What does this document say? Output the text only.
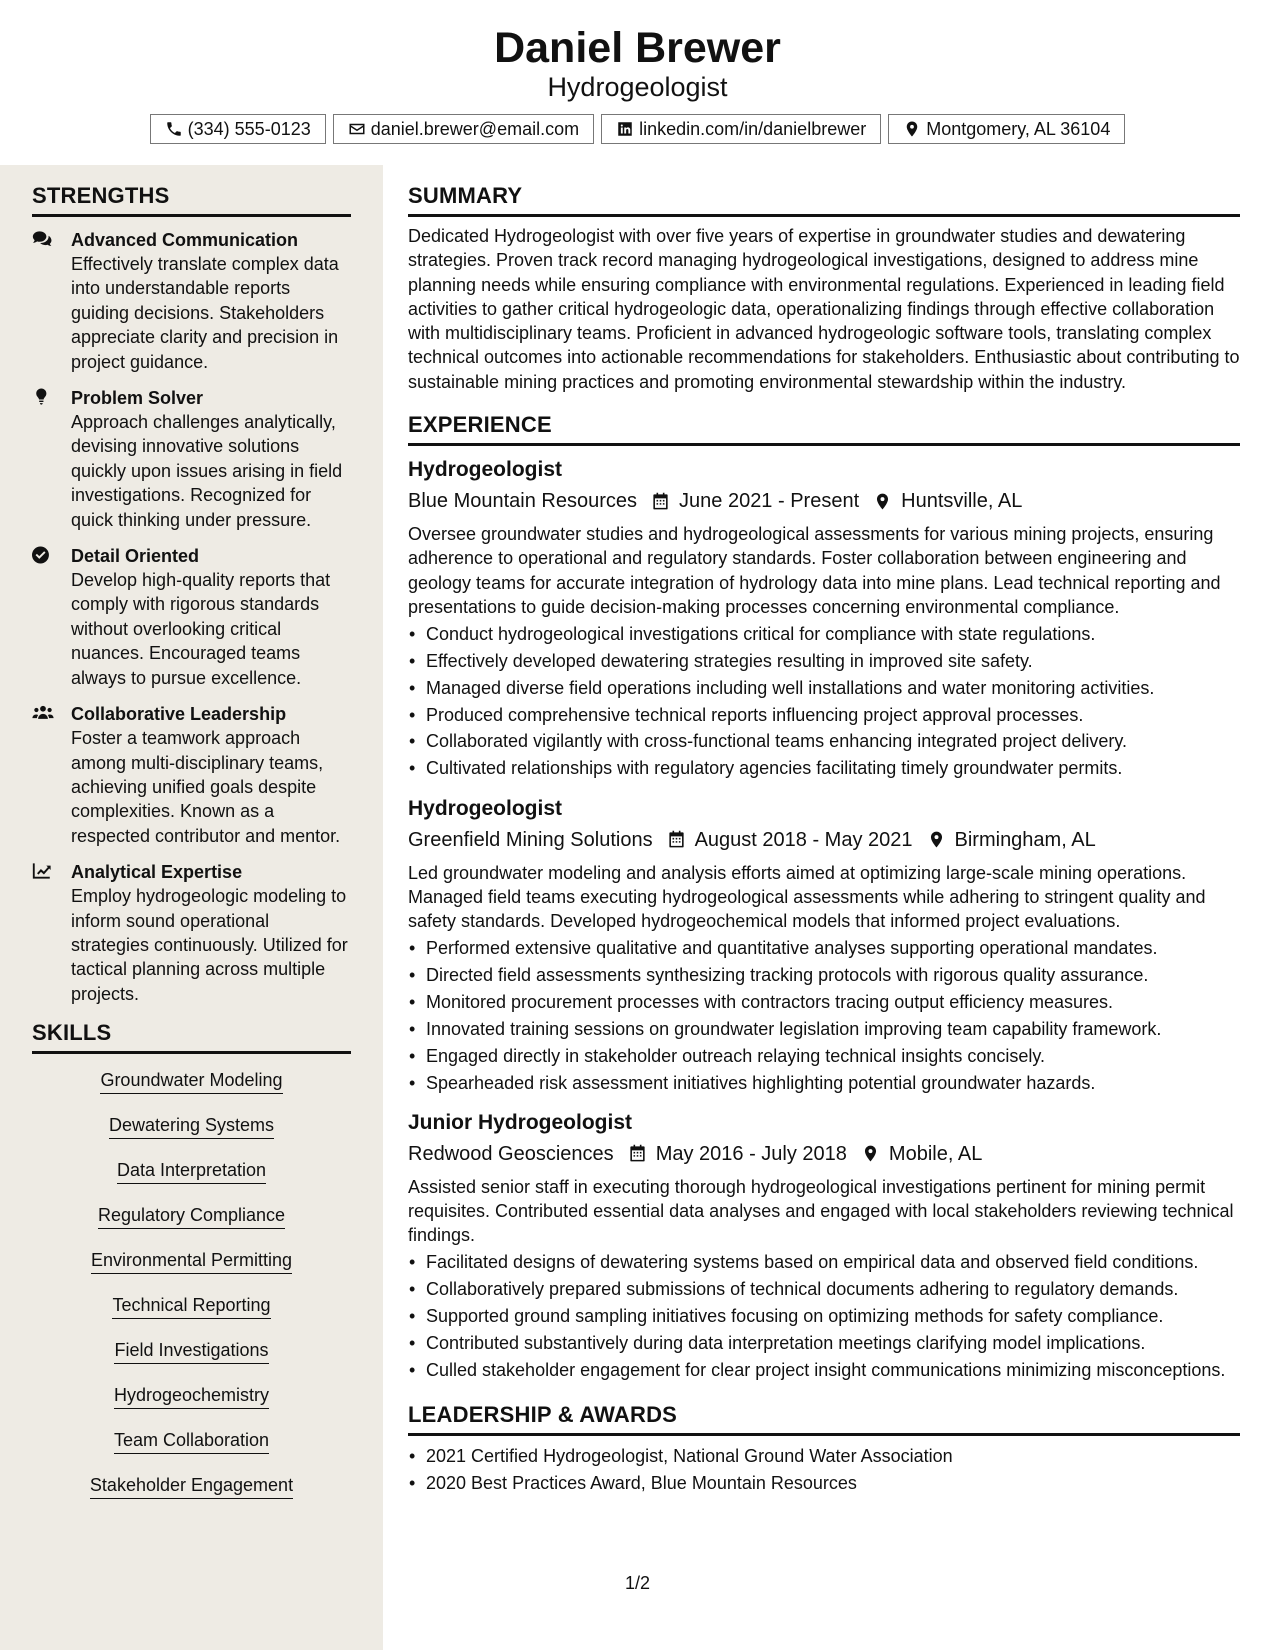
Daniel Brewer
Hydrogeologist
(334) 555-0123	daniel.brewer@email.com	linkedin.com/in/danielbrewer	Montgomery, AL 36104
STRENGTHS
Advanced Communication
Effectively translate complex data into understandable reports guiding decisions. Stakeholders appreciate clarity and precision in project guidance.
Problem Solver
Approach challenges analytically, devising innovative solutions quickly upon issues arising in field investigations. Recognized for quick thinking under pressure.
Detail Oriented
Develop high-quality reports that comply with rigorous standards without overlooking critical nuances. Encouraged teams always to pursue excellence.
Collaborative Leadership
Foster a teamwork approach among multi-disciplinary teams, achieving unified goals despite complexities. Known as a respected contributor and mentor.
Analytical Expertise
Employ hydrogeologic modeling to inform sound operational strategies continuously. Utilized for tactical planning across multiple projects.
SKILLS
Groundwater Modeling
Dewatering Systems
Data Interpretation
Regulatory Compliance
Environmental Permitting
Technical Reporting
Field Investigations
Hydrogeochemistry
Team Collaboration
Stakeholder Engagement
SUMMARY
Dedicated Hydrogeologist with over five years of expertise in groundwater studies and dewatering strategies. Proven track record managing hydrogeological investigations, designed to address mine planning needs while ensuring compliance with environmental regulations. Experienced in leading field activities to gather critical hydrogeologic data, operationalizing findings through effective collaboration with multidisciplinary teams. Proficient in advanced hydrogeologic software tools, translating complex technical outcomes into actionable recommendations for stakeholders. Enthusiastic about contributing to sustainable mining practices and promoting environmental stewardship within the industry.
EXPERIENCE
Hydrogeologist
Blue Mountain Resources June 2021 - Present Huntsville, AL
Oversee groundwater studies and hydrogeological assessments for various mining projects, ensuring adherence to operational and regulatory standards. Foster collaboration between engineering and geology teams for accurate integration of hydrology data into mine plans. Lead technical reporting and presentations to guide decision-making processes concerning environmental compliance.
• Conduct hydrogeological investigations critical for compliance with state regulations.
• Effectively developed dewatering strategies resulting in improved site safety.
• Managed diverse field operations including well installations and water monitoring activities.
• Produced comprehensive technical reports influencing project approval processes.
• Collaborated vigilantly with cross-functional teams enhancing integrated project delivery.
• Cultivated relationships with regulatory agencies facilitating timely groundwater permits.
Hydrogeologist
Greenfield Mining Solutions August 2018 - May 2021 Birmingham, AL
Led groundwater modeling and analysis efforts aimed at optimizing large-scale mining operations. Managed field teams executing hydrogeological assessments while adhering to stringent quality and safety standards. Developed hydrogeochemical models that informed project evaluations.
• Performed extensive qualitative and quantitative analyses supporting operational mandates.
• Directed field assessments synthesizing tracking protocols with rigorous quality assurance.
• Monitored procurement processes with contractors tracing output efficiency measures.
• Innovated training sessions on groundwater legislation improving team capability framework.
• Engaged directly in stakeholder outreach relaying technical insights concisely.
• Spearheaded risk assessment initiatives highlighting potential groundwater hazards.
Junior Hydrogeologist
Redwood Geosciences May 2016 - July 2018 Mobile, AL
Assisted senior staff in executing thorough hydrogeological investigations pertinent for mining permit requisites. Contributed essential data analyses and engaged with local stakeholders reviewing technical findings.
• Facilitated designs of dewatering systems based on empirical data and observed field conditions.
• Collaboratively prepared submissions of technical documents adhering to regulatory demands.
• Supported ground sampling initiatives focusing on optimizing methods for safety compliance.
• Contributed substantively during data interpretation meetings clarifying model implications.
• Culled stakeholder engagement for clear project insight communications minimizing misconceptions.
LEADERSHIP & AWARDS
• 2021 Certified Hydrogeologist, National Ground Water Association
• 2020 Best Practices Award, Blue Mountain Resources
1/2
